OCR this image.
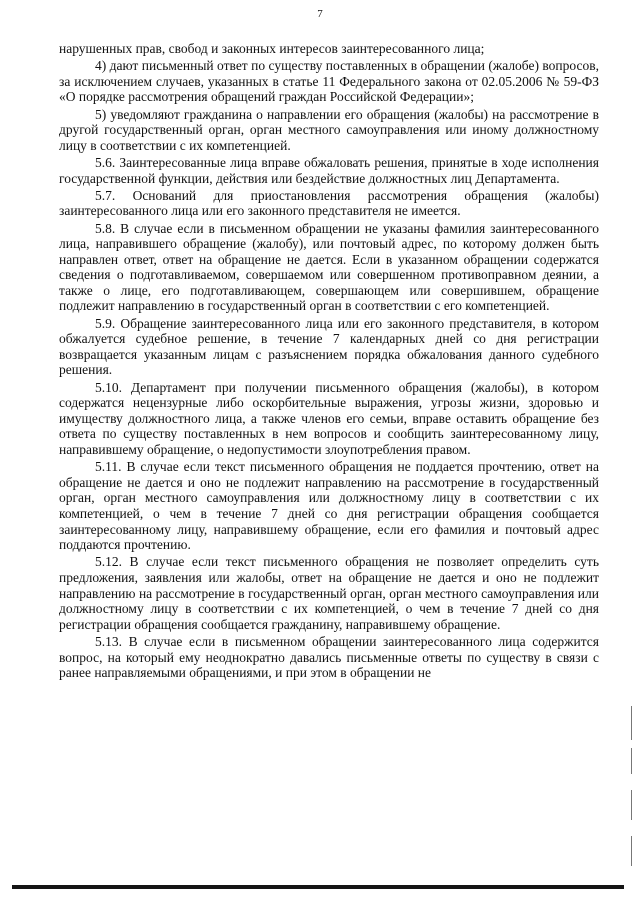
7

нарушенных прав, свобод и законных интересов заинтересованного лица;

4) дают письменный ответ по существу поставленных в обращении (жалобе) вопросов, за исключением случаев, указанных в статье 11 Федерального закона от 02.05.2006 № 59-ФЗ «О порядке рассмотрения обращений граждан Российской Федерации»;

5) уведомляют гражданина о направлении его обращения (жалобы) на рассмотрение в другой государственный орган, орган местного самоуправления или иному должностному лицу в соответствии с их компетенцией.

5.6. Заинтересованные лица вправе обжаловать решения, принятые в ходе исполнения государственной функции, действия или бездействие должностных лиц Департамента.

5.7. Оснований для приостановления рассмотрения обращения (жалобы) заинтересованного лица или его законного представителя не имеется.

5.8. В случае если в письменном обращении не указаны фамилия заинтересованного лица, направившего обращение (жалобу), или почтовый адрес, по которому должен быть направлен ответ, ответ на обращение не дается. Если в указанном обращении содержатся сведения о подготавливаемом, совершаемом или совершенном противоправном деянии, а также о лице, его подготавливающем, совершающем или совершившем, обращение подлежит направлению в государственный орган в соответствии с его компетенцией.

5.9. Обращение заинтересованного лица или его законного представителя, в котором обжалуется судебное решение, в течение 7 календарных дней со дня регистрации возвращается указанным лицам с разъяснением порядка обжалования данного судебного решения.

5.10. Департамент при получении письменного обращения (жалобы), в котором содержатся нецензурные либо оскорбительные выражения, угрозы жизни, здоровью и имуществу должностного лица, а также членов его семьи, вправе оставить обращение без ответа по существу поставленных в нем вопросов и сообщить заинтересованному лицу, направившему обращение, о недопустимости злоупотребления правом.

5.11. В случае если текст письменного обращения не поддается прочтению, ответ на обращение не дается и оно не подлежит направлению на рассмотрение в государственный орган, орган местного самоуправления или должностному лицу в соответствии с их компетенцией, о чем в течение 7 дней со дня регистрации обращения сообщается заинтересованному лицу, направившему обращение, если его фамилия и почтовый адрес поддаются прочтению.

5.12. В случае если текст письменного обращения не позволяет определить суть предложения, заявления или жалобы, ответ на обращение не дается и оно не подлежит направлению на рассмотрение в государственный орган, орган местного самоуправления или должностному лицу в соответствии с их компетенцией, о чем в течение 7 дней со дня регистрации обращения сообщается гражданину, направившему обращение.

5.13. В случае если в письменном обращении заинтересованного лица содержится вопрос, на который ему неоднократно давались письменные ответы по существу в связи с ранее направляемыми обращениями, и при этом в обращении не
